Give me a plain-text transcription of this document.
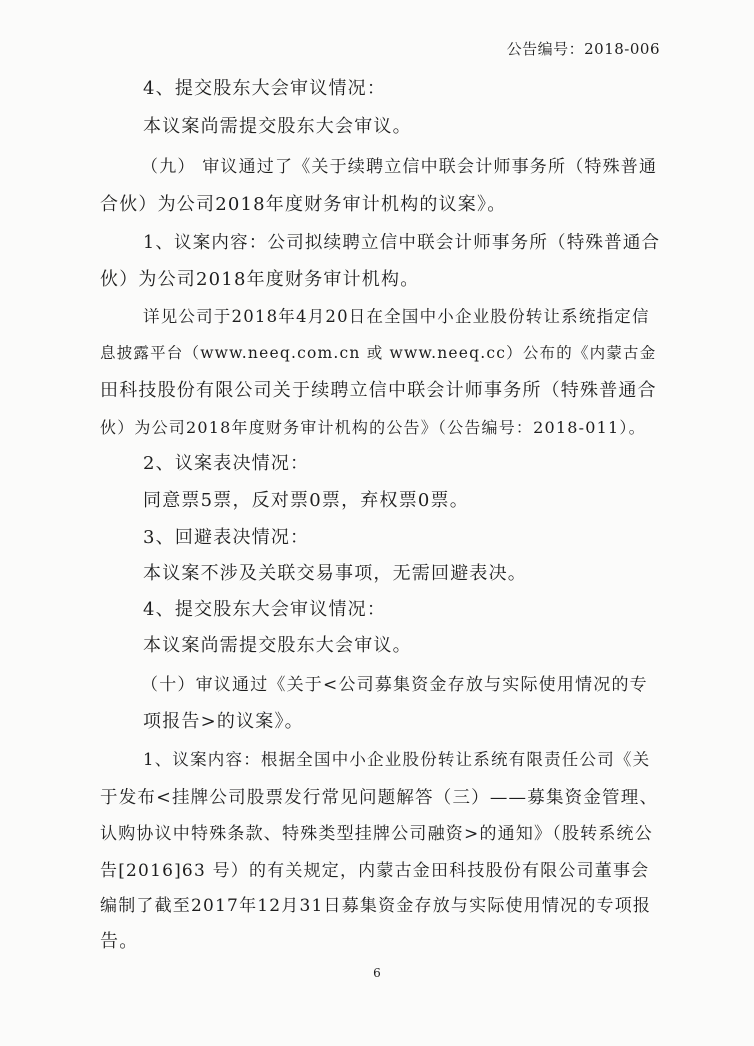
公告编号：2018-006
4、提交股东大会审议情况：
本议案尚需提交股东大会审议。
（九） 审议通过了《关于续聘立信中联会计师事务所（特殊普通
合伙）为公司2018年度财务审计机构的议案》。
1、议案内容：公司拟续聘立信中联会计师事务所（特殊普通合
伙）为公司2018年度财务审计机构。
详见公司于2018年4月20日在全国中小企业股份转让系统指定信
息披露平台（www.neeq.com.cn 或 www.neeq.cc）公布的《内蒙古金
田科技股份有限公司关于续聘立信中联会计师事务所（特殊普通合
伙）为公司2018年度财务审计机构的公告》（公告编号：2018-011）。
2、议案表决情况：
同意票5票，反对票0票，弃权票0票。
3、回避表决情况：
本议案不涉及关联交易事项，无需回避表决。
4、提交股东大会审议情况：
本议案尚需提交股东大会审议。
（十）审议通过《关于<公司募集资金存放与实际使用情况的专
项报告>的议案》。
1、议案内容：根据全国中小企业股份转让系统有限责任公司《关
于发布<挂牌公司股票发行常见问题解答（三）——募集资金管理、
认购协议中特殊条款、特殊类型挂牌公司融资>的通知》（股转系统公
告[2016]63 号）的有关规定，内蒙古金田科技股份有限公司董事会
编制了截至2017年12月31日募集资金存放与实际使用情况的专项报
告。
6
